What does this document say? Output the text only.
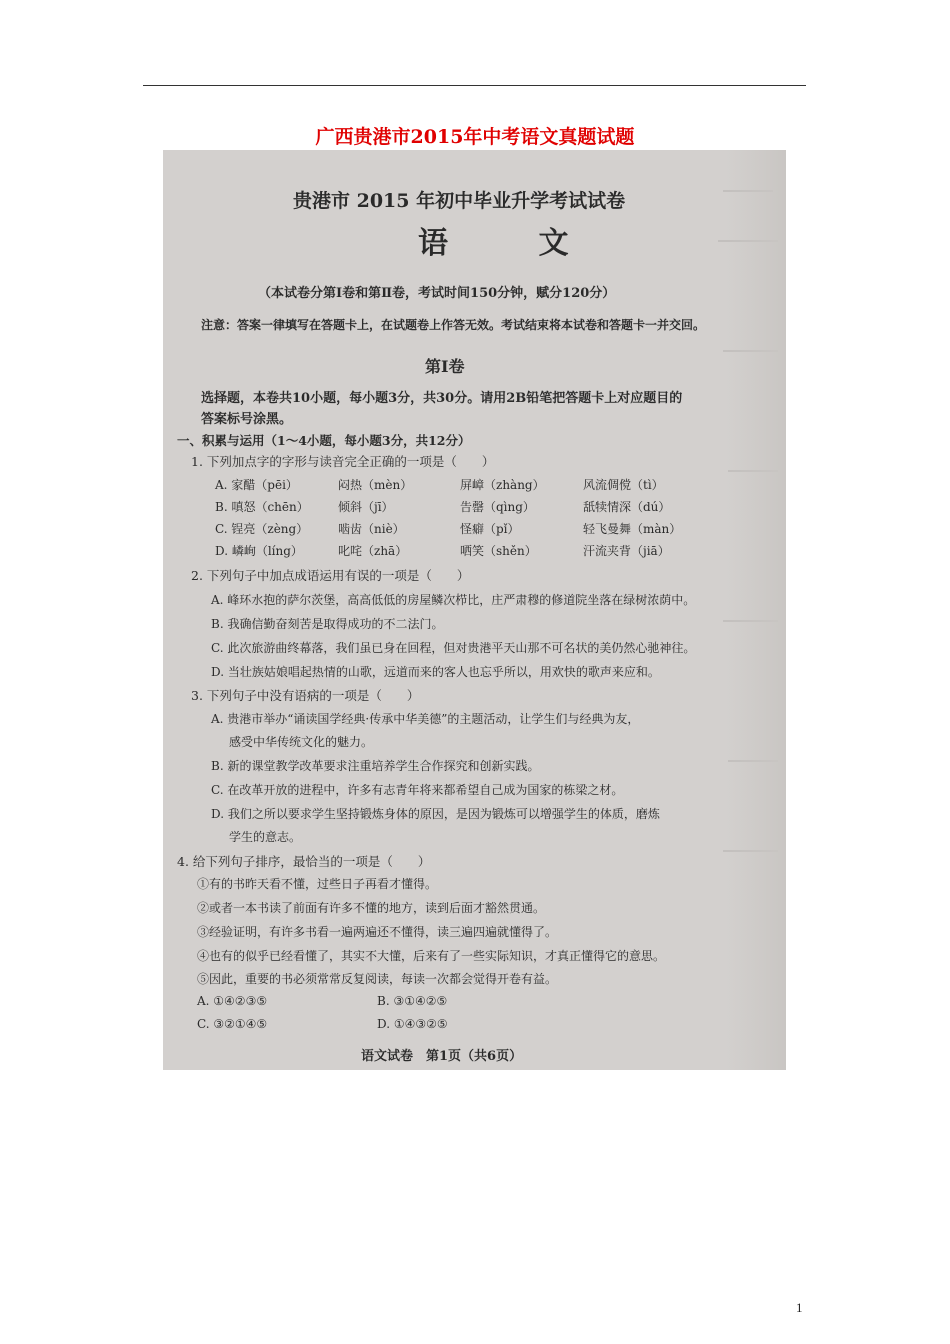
广西贵港市2015年中考语文真题试题
贵港市 2015 年初中毕业升学考试试卷
语 文
（本试卷分第Ⅰ卷和第Ⅱ卷，考试时间150分钟，赋分120分）
注意：答案一律填写在答题卡上，在试题卷上作答无效。考试结束将本试卷和答题卡一并交回。
第Ⅰ卷
选择题，本卷共10小题，每小题3分，共30分。请用2B铅笔把答题卡上对应题目的
答案标号涂黑。
一、积累与运用（1～4小题，每小题3分，共12分）
1. 下列加点字的字形与读音完全正确的一项是（　　）
A. 家醋（pēi）	闷热（mèn）	屏嶂（zhàng）	风流倜傥（tì）
B. 嗔怒（chēn） 倾斜（jī）	告罄（qìng）	舐犊情深（dú）
C. 锃亮（zèng） 啮齿（niè）	怪癖（pǐ）	轻飞曼舞（màn）
D. 嶙峋（líng）	叱咤（zhā）	哂笑（shěn）	汗流夹背（jiā）
2. 下列句子中加点成语运用有误的一项是（　　）
A. 峰环水抱的萨尔茨堡，高高低低的房屋鳞次栉比，庄严肃穆的修道院坐落在绿树浓荫中。
B. 我确信勤奋刻苦是取得成功的不二法门。
C. 此次旅游曲终幕落，我们虽已身在回程，但对贵港平天山那不可名状的美仍然心驰神往。
D. 当壮族姑娘唱起热情的山歌，远道而来的客人也忘乎所以，用欢快的歌声来应和。
3. 下列句子中没有语病的一项是（　　）
A. 贵港市举办“诵读国学经典·传承中华美德”的主题活动，让学生们与经典为友，
感受中华传统文化的魅力。
B. 新的课堂教学改革要求注重培养学生合作探究和创新实践。
C. 在改革开放的进程中，许多有志青年将来都希望自己成为国家的栋梁之材。
D. 我们之所以要求学生坚持锻炼身体的原因，是因为锻炼可以增强学生的体质，磨炼
学生的意志。
4. 给下列句子排序，最恰当的一项是（　　）
①有的书昨天看不懂，过些日子再看才懂得。
②或者一本书读了前面有许多不懂的地方，读到后面才豁然贯通。
③经验证明，有许多书看一遍两遍还不懂得，读三遍四遍就懂得了。
④也有的似乎已经看懂了，其实不大懂，后来有了一些实际知识，才真正懂得它的意思。
⑤因此，重要的书必须常常反复阅读，每读一次都会觉得开卷有益。
A. ①④②③⑤	B. ③①④②⑤
C. ③②①④⑤	D. ①④③②⑤
语文试卷　第1页（共6页）
1
